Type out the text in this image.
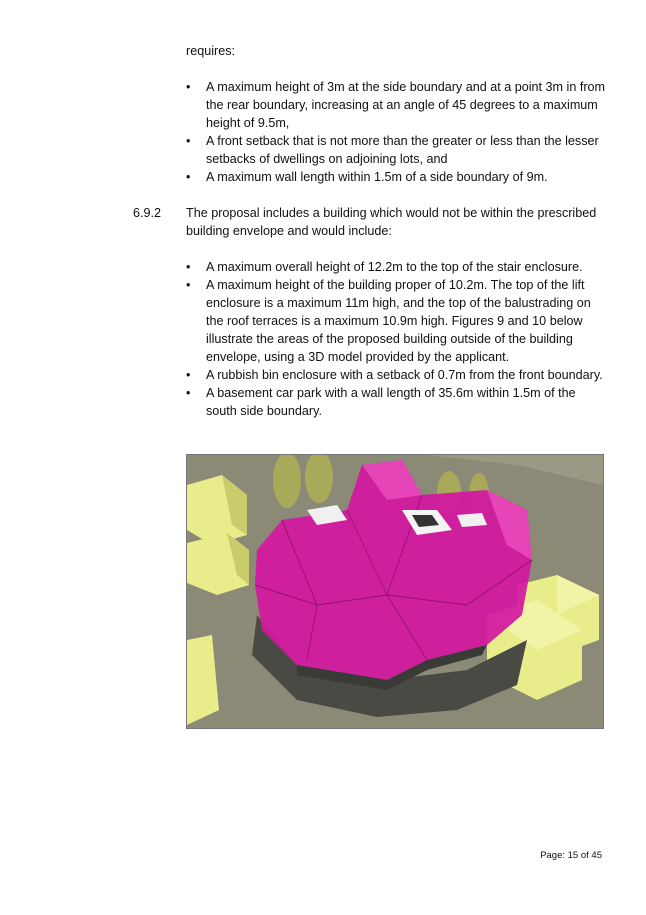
requires:

• A maximum height of 3m at the side boundary and at a point 3m in from the rear boundary, increasing at an angle of 45 degrees to a maximum height of 9.5m,
• A front setback that is not more than the greater or less than the lesser setbacks of dwellings on adjoining lots, and
• A maximum wall length within 1.5m of a side boundary of 9m.
6.9.2 The proposal includes a building which would not be within the prescribed building envelope and would include:
• A maximum overall height of 12.2m to the top of the stair enclosure.
• A maximum height of the building proper of 10.2m. The top of the lift enclosure is a maximum 11m high, and the top of the balustrading on the roof terraces is a maximum 10.9m high. Figures 9 and 10 below illustrate the areas of the proposed building outside of the building envelope, using a 3D model provided by the applicant.
• A rubbish bin enclosure with a setback of 0.7m from the front boundary.
• A basement car park with a wall length of 35.6m within 1.5m of the south side boundary.
Page: 15 of 45
